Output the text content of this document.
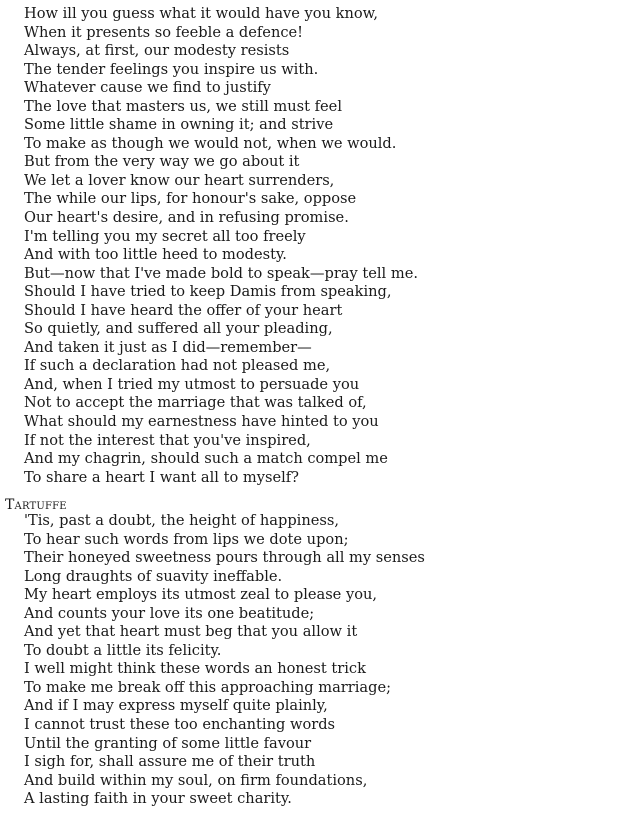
How ill you guess what it would have you know,
When it presents so feeble a defence!
Always, at first, our modesty resists
The tender feelings you inspire us with.
Whatever cause we find to justify
The love that masters us, we still must feel
Some little shame in owning it; and strive
To make as though we would not, when we would.
But from the very way we go about it
We let a lover know our heart surrenders,
The while our lips, for honour's sake, oppose
Our heart's desire, and in refusing promise.
I'm telling you my secret all too freely
And with too little heed to modesty.
But—now that I've made bold to speak—pray tell me.
Should I have tried to keep Damis from speaking,
Should I have heard the offer of your heart
So quietly, and suffered all your pleading,
And taken it just as I did—remember—
If such a declaration had not pleased me,
And, when I tried my utmost to persuade you
Not to accept the marriage that was talked of,
What should my earnestness have hinted to you
If not the interest that you've inspired,
And my chagrin, should such a match compel me
To share a heart I want all to myself?
Tartuffe
'Tis, past a doubt, the height of happiness,
To hear such words from lips we dote upon;
Their honeyed sweetness pours through all my senses
Long draughts of suavity ineffable.
My heart employs its utmost zeal to please you,
And counts your love its one beatitude;
And yet that heart must beg that you allow it
To doubt a little its felicity.
I well might think these words an honest trick
To make me break off this approaching marriage;
And if I may express myself quite plainly,
I cannot trust these too enchanting words
Until the granting of some little favour
I sigh for, shall assure me of their truth
And build within my soul, on firm foundations,
A lasting faith in your sweet charity.
